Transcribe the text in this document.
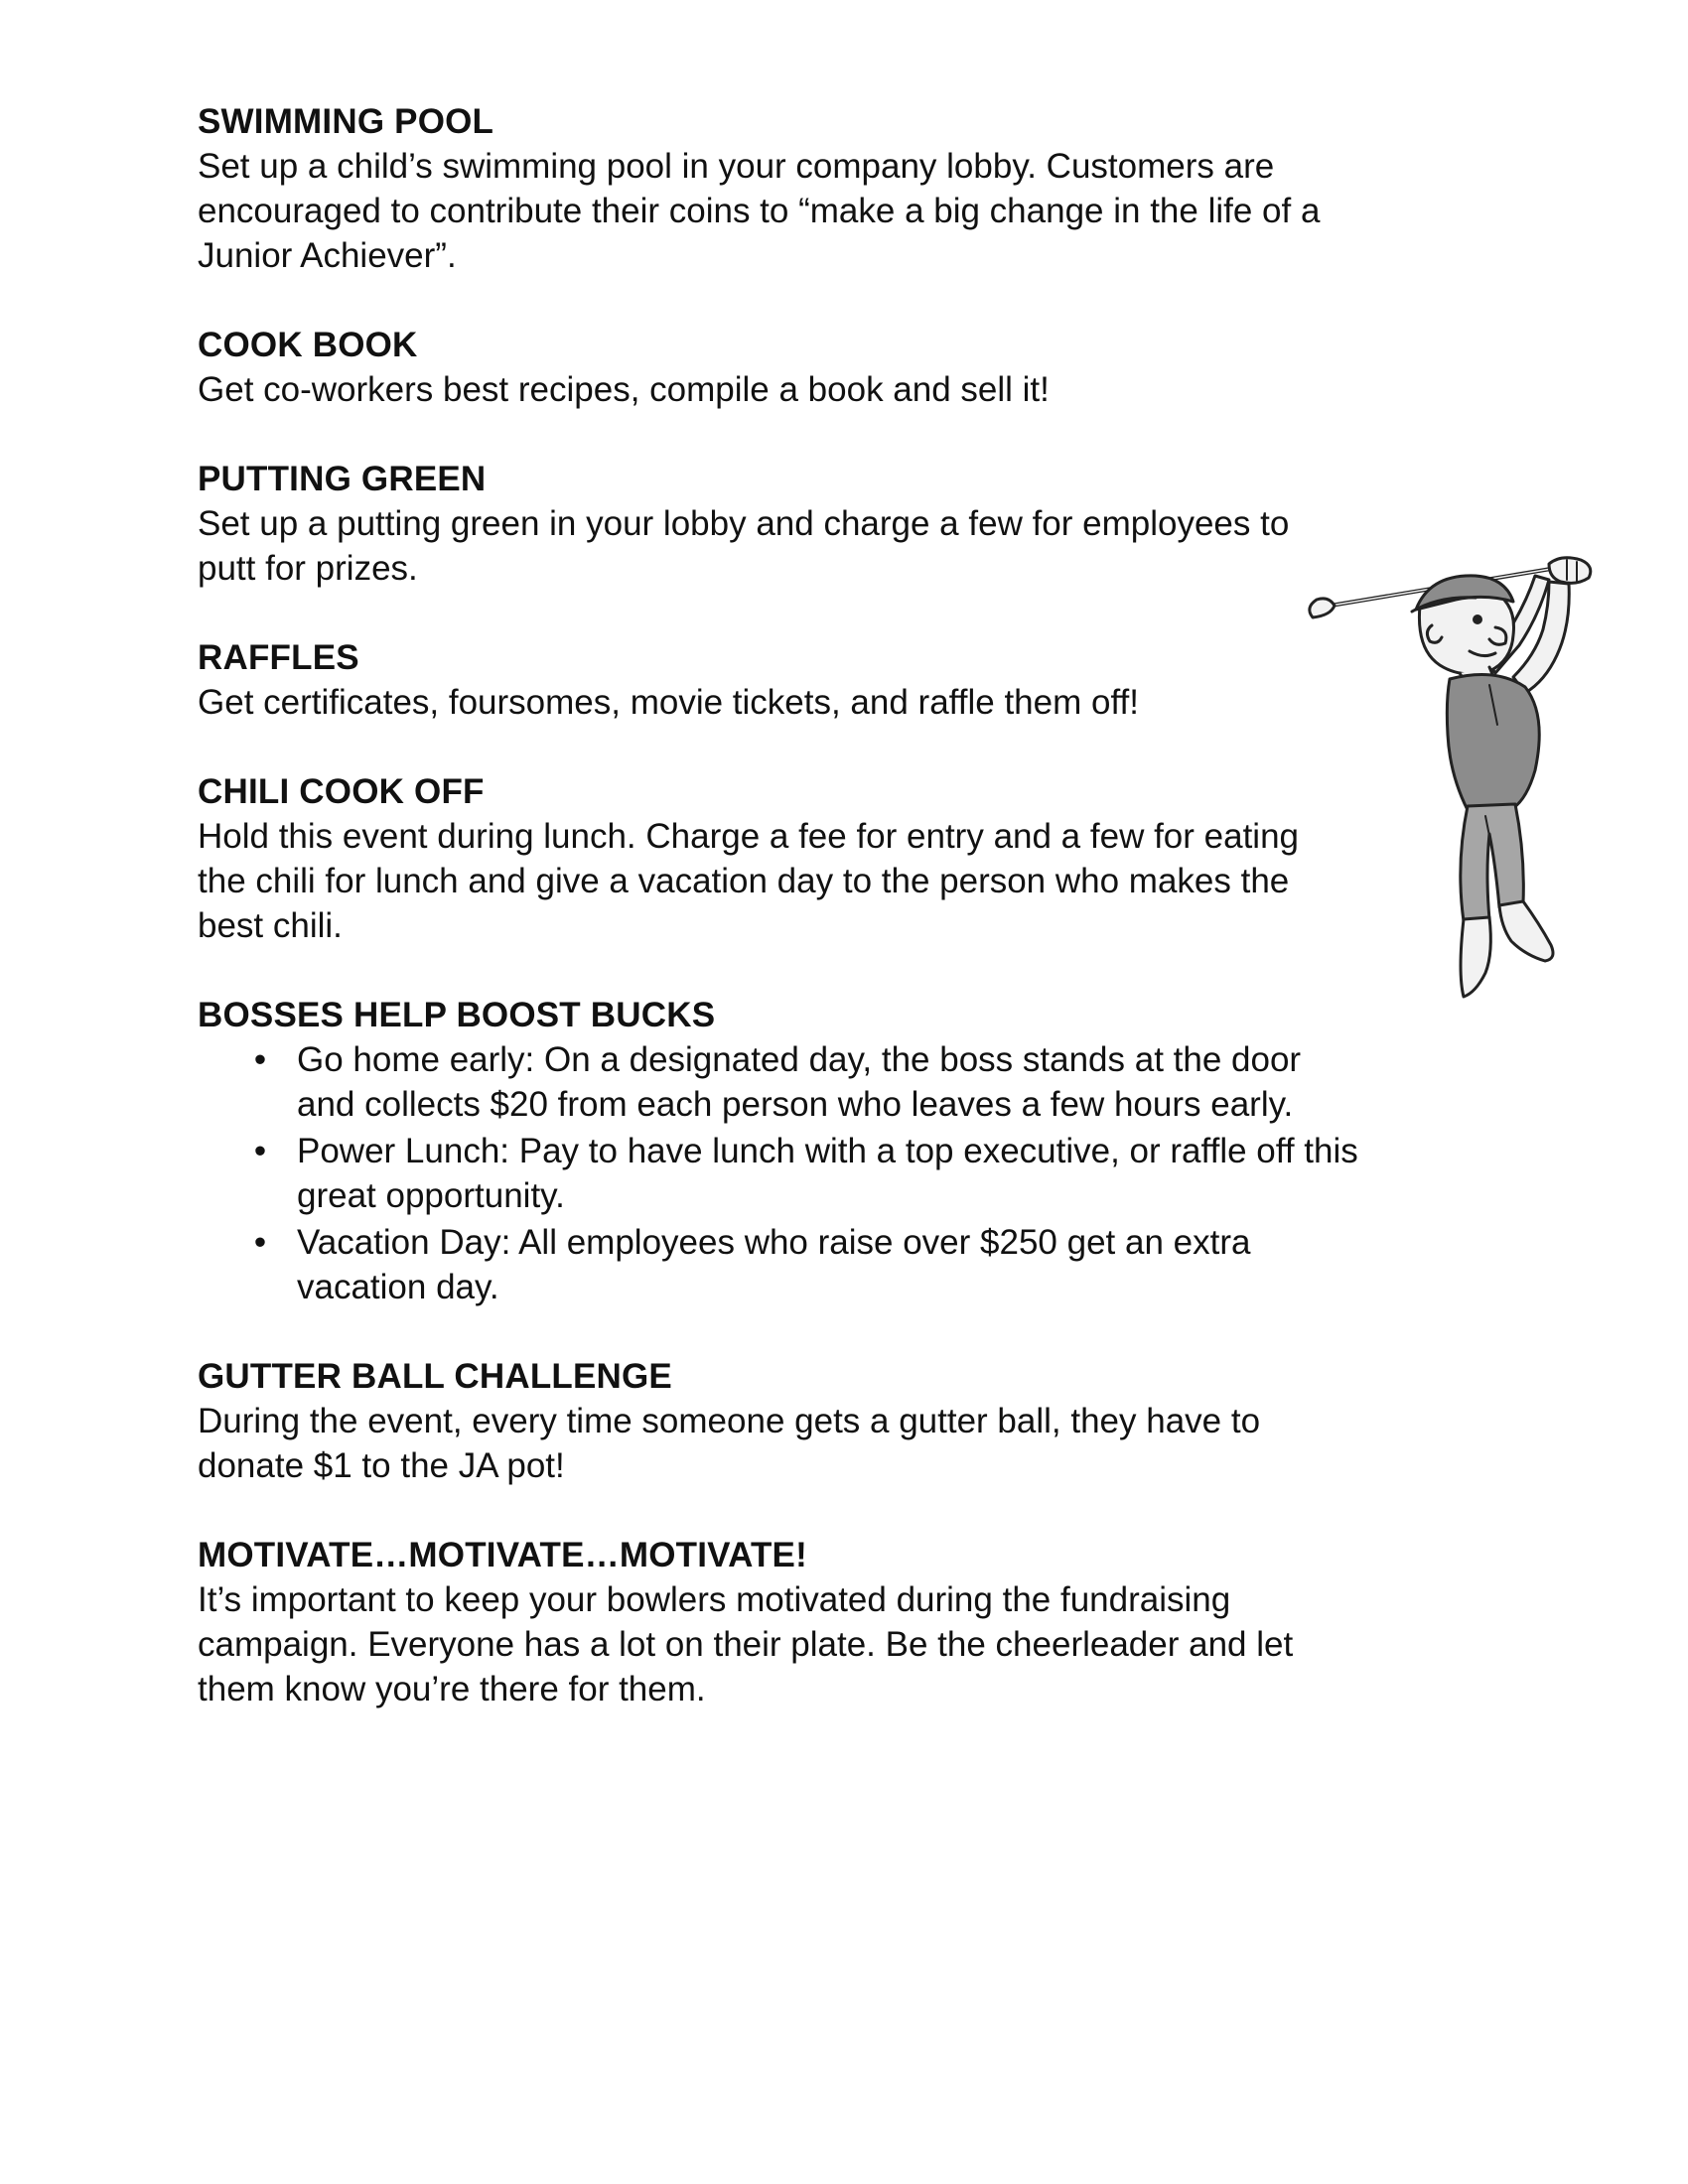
SWIMMING POOL

Set up a child’s swimming pool in your company lobby. Customers are

encouraged to contribute their coins to “make a big change in the life of a

Junior Achiever”.

COOK BOOK

Get co-workers best recipes, compile a book and sell it!

PUTTING GREEN

Set up a putting green in your lobby and charge a few for employees to

putt for prizes.

RAFFLES

Get certificates, foursomes, movie tickets, and raffle them off!

CHILI COOK OFF

Hold this event during lunch. Charge a fee for entry and a few for eating

the chili for lunch and give a vacation day to the person who makes the

best chili.

BOSSES HELP BOOST BUCKS

• Go home early: On a designated day, the boss stands at the door
and collects $20 from each person who leaves a few hours early.
• Power Lunch: Pay to have lunch with a top executive, or raffle off this
great opportunity.
• Vacation Day: All employees who raise over $250 get an extra
vacation day.

GUTTER BALL CHALLENGE

During the event, every time someone gets a gutter ball, they have to

donate $1 to the JA pot!

MOTIVATE…MOTIVATE…MOTIVATE!

It’s important to keep your bowlers motivated during the fundraising

campaign. Everyone has a lot on their plate. Be the cheerleader and let

them know you’re there for them.
